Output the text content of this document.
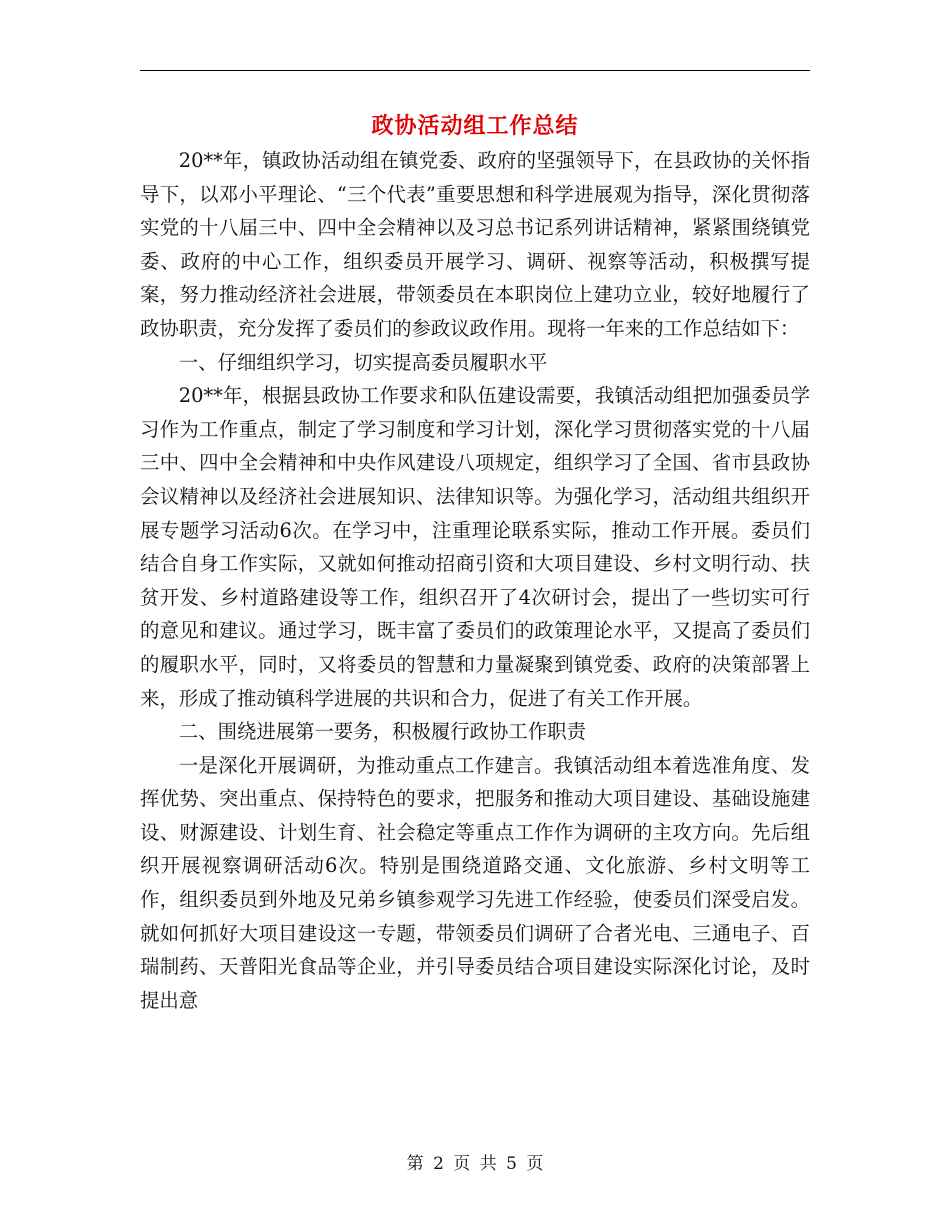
政协活动组工作总结

20**年，镇政协活动组在镇党委、政府的坚强领导下，在县政协的关怀指导下，以邓小平理论、“三个代表”重要思想和科学进展观为指导，深化贯彻落实党的十八届三中、四中全会精神以及习总书记系列讲话精神，紧紧围绕镇党委、政府的中心工作，组织委员开展学习、调研、视察等活动，积极撰写提案，努力推动经济社会进展，带领委员在本职岗位上建功立业，较好地履行了政协职责，充分发挥了委员们的参政议政作用。现将一年来的工作总结如下：

一、仔细组织学习，切实提高委员履职水平

20**年，根据县政协工作要求和队伍建设需要，我镇活动组把加强委员学习作为工作重点，制定了学习制度和学习计划，深化学习贯彻落实党的十八届三中、四中全会精神和中央作风建设八项规定，组织学习了全国、省市县政协会议精神以及经济社会进展知识、法律知识等。为强化学习，活动组共组织开展专题学习活动6次。在学习中，注重理论联系实际，推动工作开展。委员们结合自身工作实际，又就如何推动招商引资和大项目建设、乡村文明行动、扶贫开发、乡村道路建设等工作，组织召开了4次研讨会，提出了一些切实可行的意见和建议。通过学习，既丰富了委员们的政策理论水平，又提高了委员们的履职水平，同时，又将委员的智慧和力量凝聚到镇党委、政府的决策部署上来，形成了推动镇科学进展的共识和合力，促进了有关工作开展。

二、围绕进展第一要务，积极履行政协工作职责

一是深化开展调研，为推动重点工作建言。我镇活动组本着选准角度、发挥优势、突出重点、保持特色的要求，把服务和推动大项目建设、基础设施建设、财源建设、计划生育、社会稳定等重点工作作为调研的主攻方向。先后组织开展视察调研活动6次。特别是围绕道路交通、文化旅游、乡村文明等工作，组织委员到外地及兄弟乡镇参观学习先进工作经验，使委员们深受启发。就如何抓好大项目建设这一专题，带领委员们调研了合者光电、三通电子、百瑞制药、天普阳光食品等企业，并引导委员结合项目建设实际深化讨论，及时提出意

第 2 页 共 5 页
